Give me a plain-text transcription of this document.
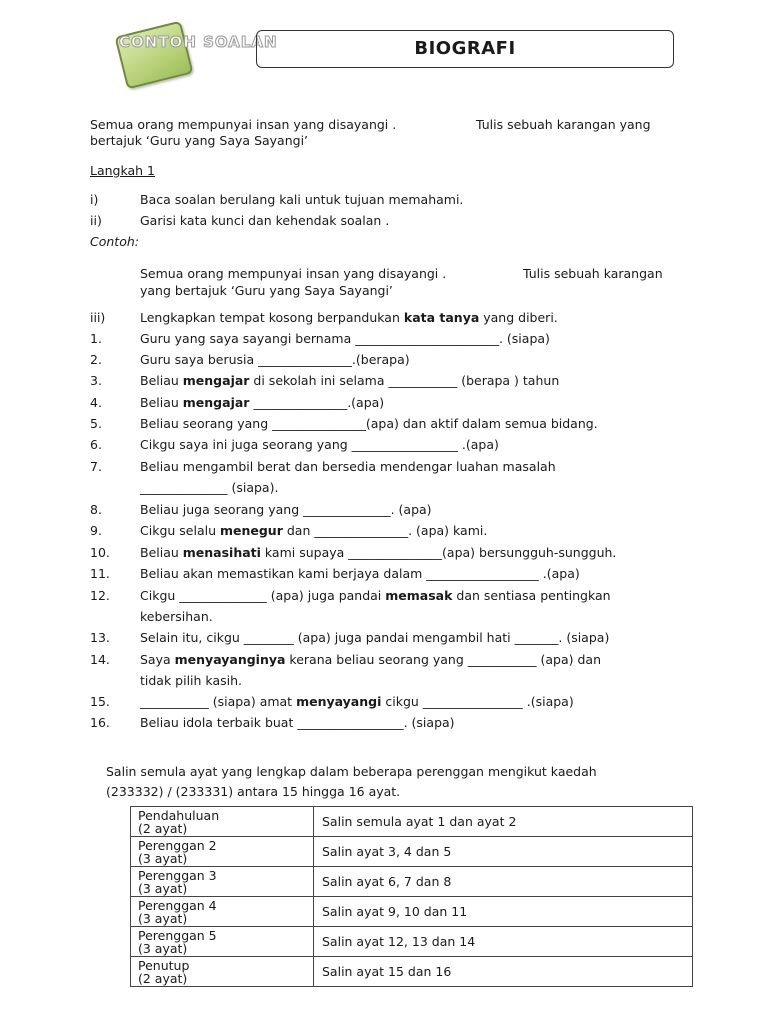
CONTOH SOALAN	BIOGRAFI
Semua orang mempunyai insan yang disayangi .	Tulis sebuah karangan yang
bertajuk ‘Guru yang Saya Sayangi’
Langkah 1
i)	Baca soalan berulang kali untuk tujuan memahami.
ii)	Garisi kata kunci dan kehendak soalan .
Contoh:
Semua orang mempunyai insan yang disayangi .	Tulis sebuah karangan
yang bertajuk ‘Guru yang Saya Sayangi’
iii)	Lengkapkan tempat kosong berpandukan kata tanya yang diberi.
1.	Guru yang saya sayangi bernama _______________________. (siapa)
2.	Guru saya berusia _______________.(berapa)
3.	Beliau mengajar di sekolah ini selama ___________ (berapa ) tahun
4.	Beliau mengajar _______________.(apa)
5.	Beliau seorang yang _______________(apa) dan aktif dalam semua bidang.
6.	Cikgu saya ini juga seorang yang _________________ .(apa)
7.	Beliau mengambil berat dan bersedia mendengar luahan masalah
______________ (siapa).
8.	Beliau juga seorang yang ______________. (apa)
9.	Cikgu selalu menegur dan _______________. (apa) kami.
10. Beliau menasihati kami supaya _______________(apa) bersungguh-sungguh.
11. Beliau akan memastikan kami berjaya dalam __________________ .(apa)
12. Cikgu ______________ (apa) juga pandai memasak dan sentiasa pentingkan
kebersihan.
13. Selain itu, cikgu ________ (apa) juga pandai mengambil hati _______. (siapa)
14. Saya menyayanginya kerana beliau seorang yang ___________ (apa) dan
tidak pilih kasih.
15. ___________ (siapa) amat menyayangi cikgu ________________ .(siapa)
16. Beliau idola terbaik buat _________________. (siapa)
Salin semula ayat yang lengkap dalam beberapa perenggan mengikut kaedah
(233332) / (233331) antara 15 hingga 16 ayat.
Pendahuluan
(2 ayat)	Salin semula ayat 1 dan ayat 2

Perenggan 2
(3 ayat)	Salin ayat 3, 4 dan 5

Perenggan 3
(3 ayat)	Salin ayat 6, 7 dan 8

Perenggan 4
(3 ayat)	Salin ayat 9, 10 dan 11

Perenggan 5
(3 ayat)	Salin ayat 12, 13 dan 14

Penutup
(2 ayat)	Salin ayat 15 dan 16
